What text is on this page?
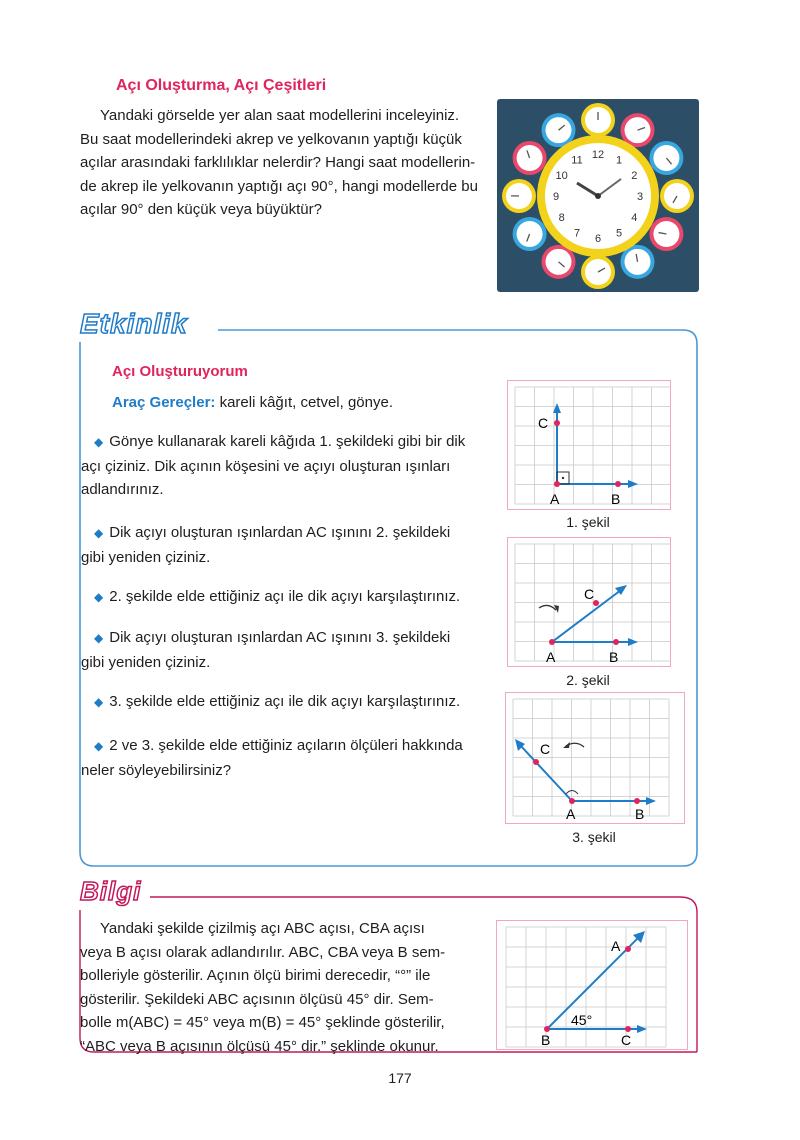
Açı Oluşturma, Açı Çeşitleri
Yandaki görselde yer alan saat modellerini inceleyiniz.
Bu saat modellerindeki akrep ve yelkovanın yaptığı küçük
açılar arasındaki farklılıklar nelerdir? Hangi saat modellerin-
de akrep ile yelkovanın yaptığı açı 90°, hangi modellerde bu
açılar 90° den küçük veya büyüktür?
12 1
2
3
4
5
6
7
8
9
10
11
Etkinlik
Açı Oluşturuyorum
Araç Gereçler: kareli kâğıt, cetvel, gönye.
◆ Gönye kullanarak kareli kâğıda 1. şekildeki gibi bir dik
açı çiziniz. Dik açının köşesini ve açıyı oluşturan ışınları
adlandırınız.
◆ Dik açıyı oluşturan ışınlardan AC ışınını 2. şekildeki
gibi yeniden çiziniz.
◆ 2. şekilde elde ettiğiniz açı ile dik açıyı karşılaştırınız.
◆ Dik açıyı oluşturan ışınlardan AC ışınını 3. şekildeki
gibi yeniden çiziniz.
◆ 3. şekilde elde ettiğiniz açı ile dik açıyı karşılaştırınız.
◆ 2 ve 3. şekilde elde ettiğiniz açıların ölçüleri hakkında
neler söyleyebilirsiniz?
A	B
C
1. şekil
A	B
C
2. şekil
A	B
C
3. şekil
Bilgi
Yandaki şekilde çizilmiş açı ABC açısı, CBA açısı
veya B açısı olarak adlandırılır. ABC, CBA veya B sem-
bolleriyle gösterilir. Açının ölçü birimi derecedir, “°” ile
gösterilir. Şekildeki ABC açısının ölçüsü 45° dir. Sem-
bolle m(ABC) = 45° veya m(B) = 45° şeklinde gösterilir,
“ABC veya B açısının ölçüsü 45° dir.” şeklinde okunur.	B	C
A
45°
177
